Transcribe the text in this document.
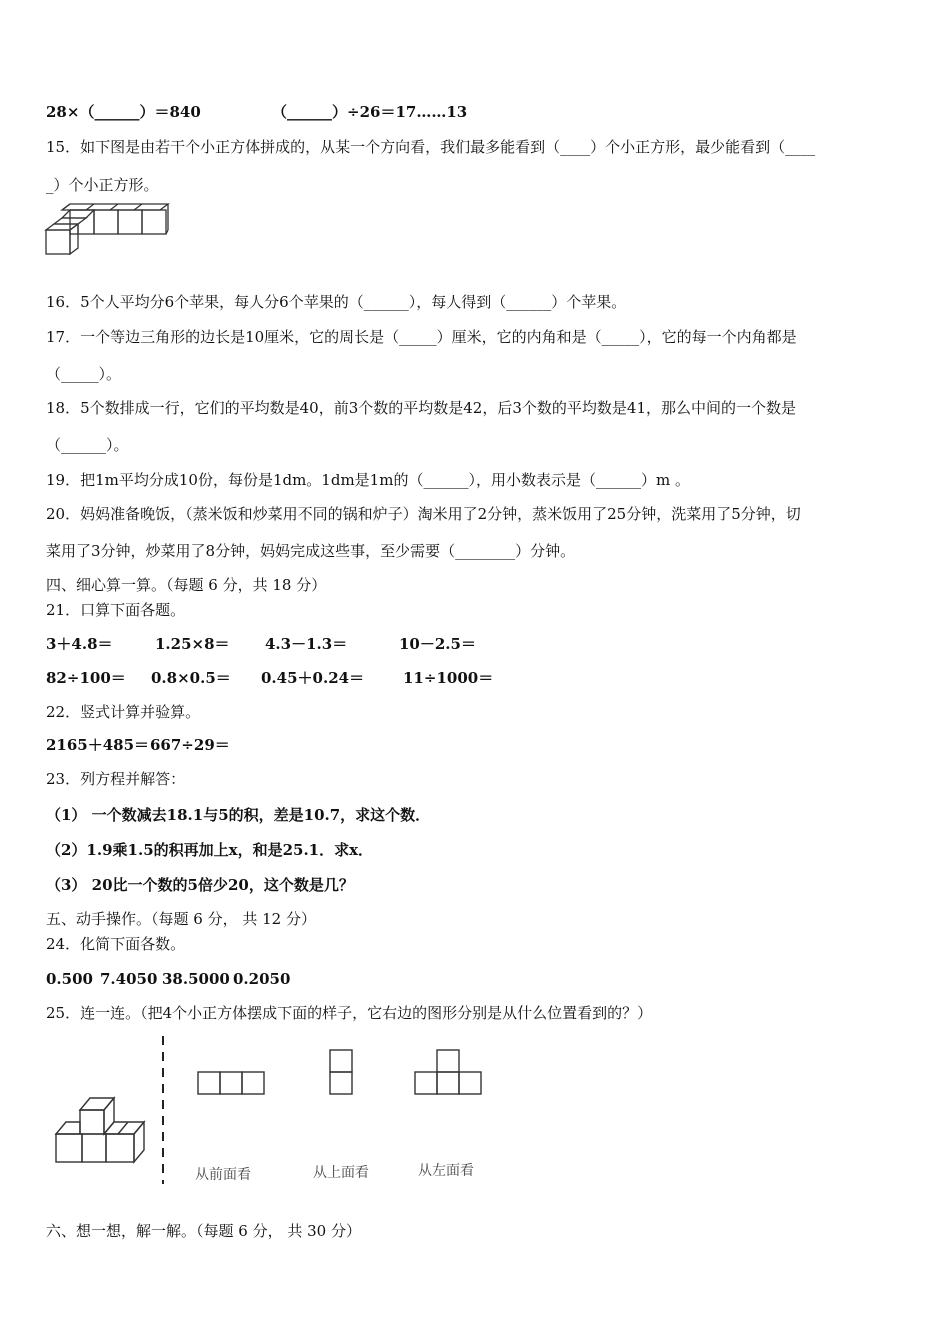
28×（______）＝840	（______）÷26＝17……13
15．如下图是由若干个小正方体拼成的，从某一个方向看，我们最多能看到（____）个小正方形，最少能看到（____
_）个小正方形。
16．5个人平均分6个苹果，每人分6个苹果的（______），每人得到（______）个苹果。
17．一个等边三角形的边长是10厘米，它的周长是（_____）厘米，它的内角和是（_____），它的每一个内角都是
（_____）。
18．5个数排成一行，它们的平均数是40，前3个数的平均数是42，后3个数的平均数是41，那么中间的一个数是
（______）。
19．把1m平均分成10份，每份是1dm。1dm是1m的（______），用小数表示是（______）m 。
20．妈妈准备晚饭，（蒸米饭和炒菜用不同的锅和炉子）淘米用了2分钟，蒸米饭用了25分钟，洗菜用了5分钟，切
菜用了3分钟，炒菜用了8分钟，妈妈完成这些事，至少需要（________）分钟。
四、细心算一算。（每题 6 分，共 18 分）
21．口算下面各题。
3＋4.8＝	1.25×8＝ 4.3－1.3＝	10－2.5＝
82÷100＝ 0.8×0.5＝ 0.45＋0.24＝	11÷1000＝
22．竖式计算并验算。
2165＋485＝667÷29＝
23．列方程并解答：
（1） 一个数减去18.1与5的积，差是10.7，求这个数．
（2）1.9乘1.5的积再加上x，和是25.1．求x．
（3） 20比一个数的5倍少20，这个数是几？
五、动手操作。（每题 6 分， 共 12 分）
24．化简下面各数。
0.500 7.4050 38.5000 0.2050
25．连一连。（把4个小正方体摆成下面的样子，它右边的图形分别是从什么位置看到的？）
从前面看	从上面看	从左面看
六、想一想，解一解。（每题 6 分， 共 30 分）
